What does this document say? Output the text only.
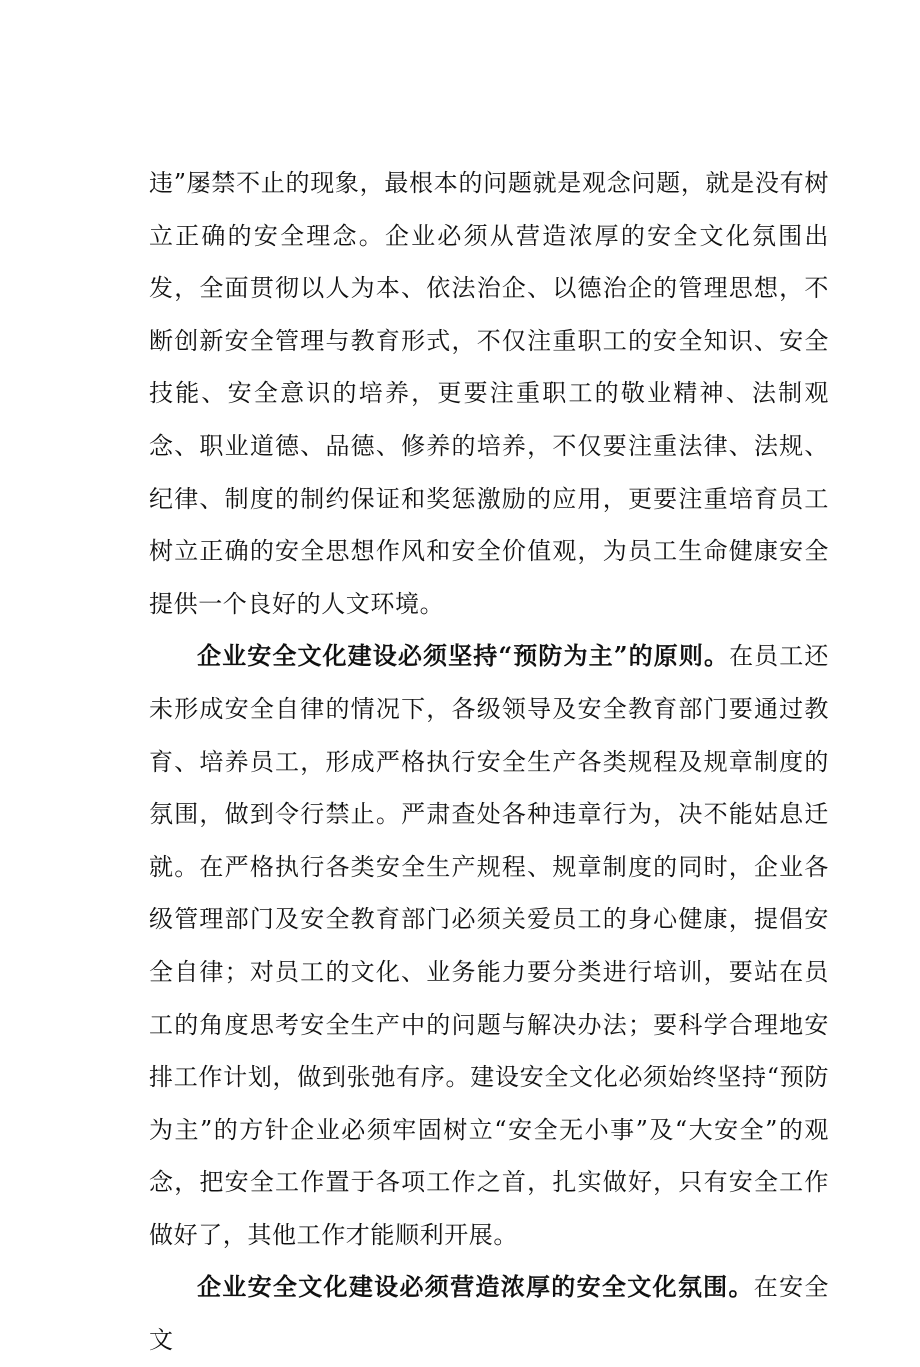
违”屡禁不止的现象，最根本的问题就是观念问题，就是没有树立正确的安全理念。企业必须从营造浓厚的安全文化氛围出发，全面贯彻以人为本、依法治企、以德治企的管理思想，不断创新安全管理与教育形式，不仅注重职工的安全知识、安全技能、安全意识的培养，更要注重职工的敬业精神、法制观念、职业道德、品德、修养的培养，不仅要注重法律、法规、纪律、制度的制约保证和奖惩激励的应用，更要注重培育员工树立正确的安全思想作风和安全价值观，为员工生命健康安全提供一个良好的人文环境。

企业安全文化建设必须坚持“预防为主”的原则。在员工还未形成安全自律的情况下，各级领导及安全教育部门要通过教育、培养员工，形成严格执行安全生产各类规程及规章制度的氛围，做到令行禁止。严肃查处各种违章行为，决不能姑息迁就。在严格执行各类安全生产规程、规章制度的同时，企业各级管理部门及安全教育部门必须关爱员工的身心健康，提倡安全自律；对员工的文化、业务能力要分类进行培训，要站在员工的角度思考安全生产中的问题与解决办法；要科学合理地安排工作计划，做到张弛有序。建设安全文化必须始终坚持“预防为主”的方针企业必须牢固树立“安全无小事”及“大安全”的观念，把安全工作置于各项工作之首，扎实做好，只有安全工作做好了，其他工作才能顺利开展。

企业安全文化建设必须营造浓厚的安全文化氛围。在安全文
